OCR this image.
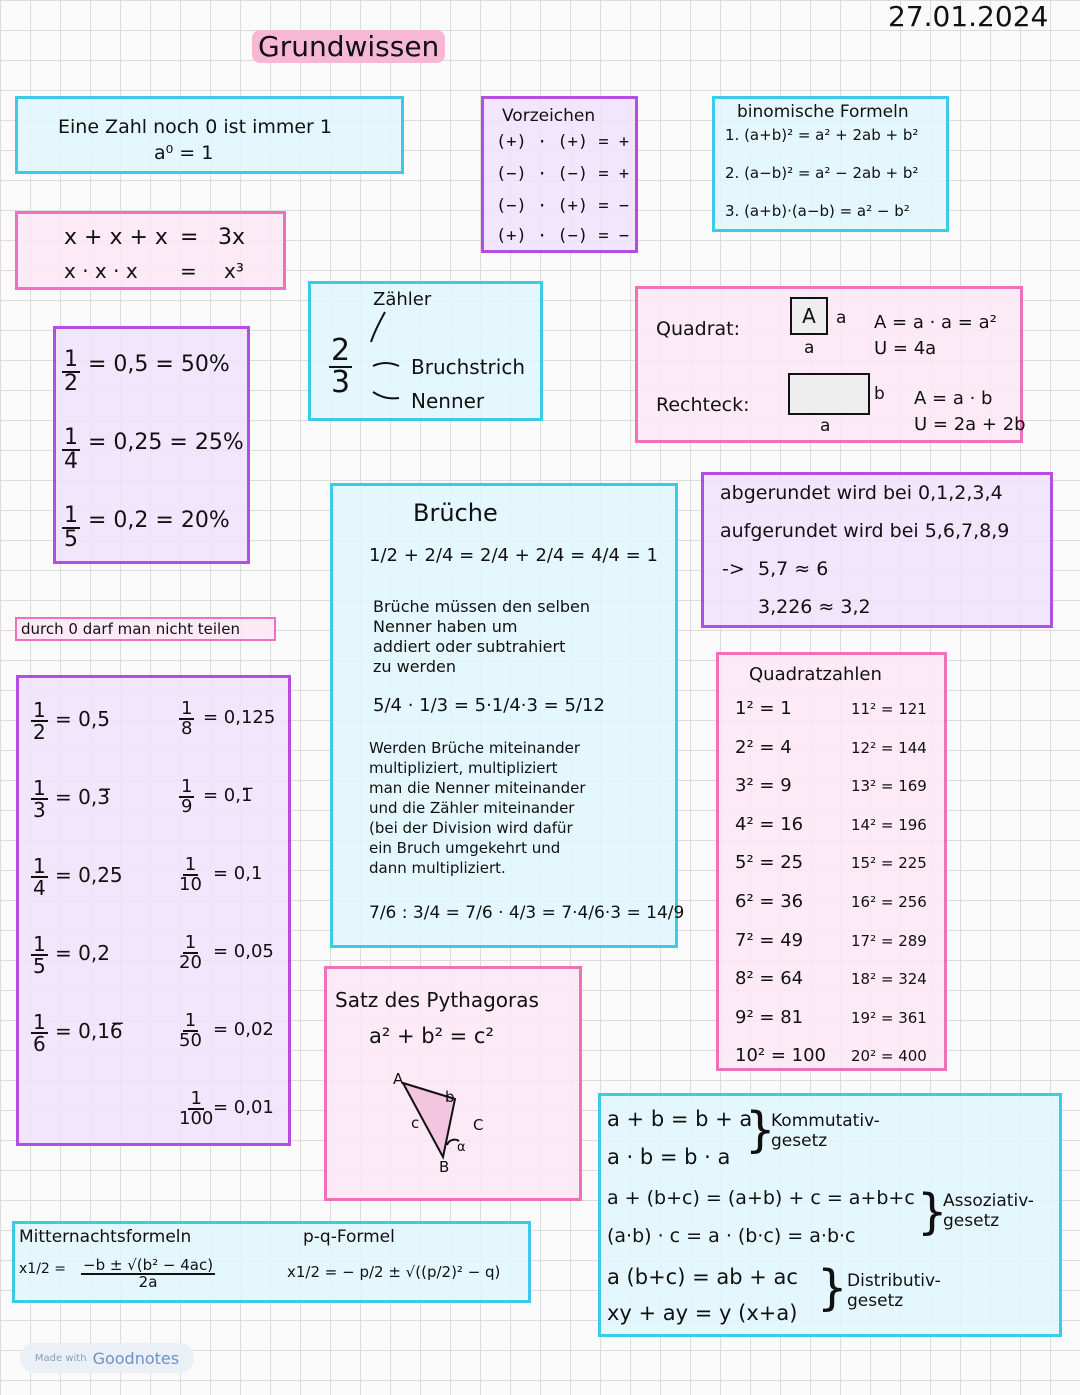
27.01.2024
Grundwissen
Eine Zahl noch 0 ist immer 1
a⁰ = 1
x + x + x = 3x
x · x · x = x³
$\frac{1}{2} = 0,5 = 50\%$
$\frac{1}{4} = 0,25 = 25\%$
$\frac{1}{5} = 0,2 = 20\%$
Zähler
$\frac{2}{3}$	Bruchstrich
Nenner
Vorzeichen
(+) · (+) = +
(−) · (−) = +
(−) · (+) = −
(+) · (−) = −
binomische Formeln
1. (a+b)² = a² + 2ab + b²
2. (a−b)² = a² − 2ab + b²
3. (a+b)·(a−b) = a² − b²
Quadrat:
A a
a
A = a · a = a²
U = 4a
Rechteck:	b
a
A = a · b
U = 2a + 2b
durch 0 darf man nicht teilen
abgerundet wird bei 0,1,2,3,4
aufgerundet wird bei 5,6,7,8,9
-> 5,7 ≈ 6
3,226 ≈ 3,2
Brüche
1/2 + 2/4 = 2/4 + 2/4 = 4/4 = 1
Brüche müssen den selben
Nenner haben um
addiert oder subtrahiert
zu werden
5/4 · 1/3 = 5·1/4·3 = 5/12
Werden Brüche miteinander
multipliziert, multipliziert
man die Nenner miteinander
und die Zähler miteinander
(bei der Division wird dafür
ein Bruch umgekehrt und
dann multipliziert.
7/6 : 3/4 = 7/6 · 4/3 = 7·4/6·3 = 14/9
$\frac{1}{2} = 0,5$
$\frac{1}{3}$ = 0,3̅
$\frac{1}{4} = 0,25$
$\frac{1}{5} = 0,2$
$\frac{1}{6}$ = 0,16̅
$\frac{1}{8} = 0,125$
$\frac{1}{9}$ = 0,1̅
$\frac{1}{10} = 0,1$
$\frac{1}{20} = 0,05$
$\frac{1}{50} = 0,02$
$\frac{1}{100} = 0,01$
Quadratzahlen
1² = 1
2² = 4
3² = 9
4² = 16
5² = 25
6² = 36
7² = 49
8² = 64
9² = 81
10² = 100
11² = 121
12² = 144
13² = 169
14² = 196
15² = 225
16² = 256
17² = 289
18² = 324
19² = 361
20² = 400
Satz des Pythagoras
a² + b² = c²
A
b
c	C
α
B
Mitternachtsformeln
$x1/2 = \frac{\text{−b ± √(b² − 4ac)}}{2a}$
p-q-Formel
x1/2 = − p/2 ± √((p/2)² − q)
a + b = b + a
a · b = b · a }
Kommutativ-
gesetz
a + (b+c) = (a+b) + c = a+b+c
(a·b) · c = a · (b·c) = a·b·c }
Assoziativ-
gesetz
a (b+c) = ab + ac
xy + ay = y (x+a) } Distributiv-
gesetz
Made with Goodnotes
